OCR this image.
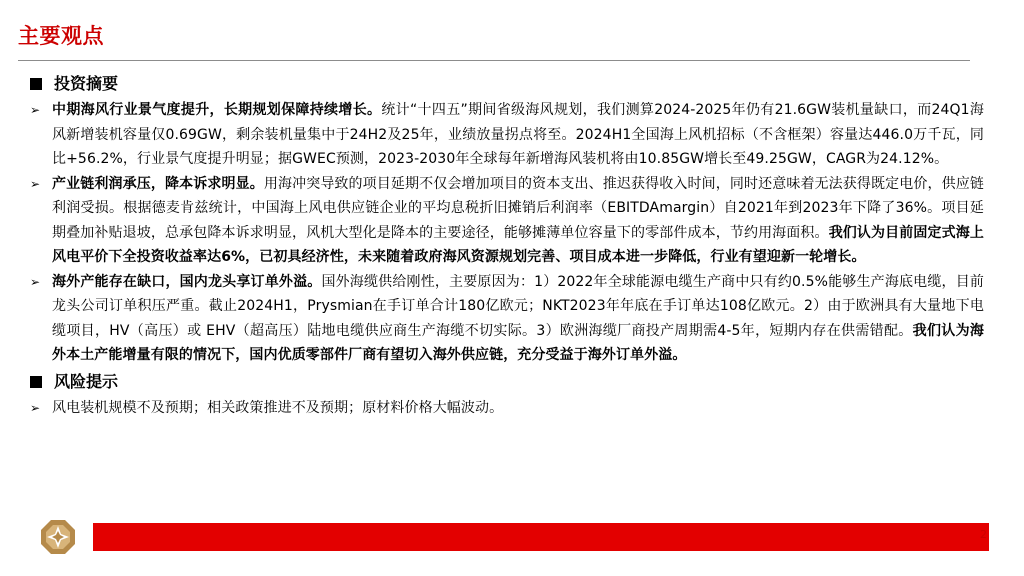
主要观点
投资摘要
➢ 中期海风行业景气度提升，长期规划保障持续增长。统计“十四五”期间省级海风规划，我们测算2024-2025年仍有21.6GW装机量缺口，而24Q1海风新增装机容量仅0.69GW，剩余装机量集中于24H2及25年，业绩放量拐点将至。2024H1全国海上风机招标（不含框架）容量达446.0万千瓦，同比+56.2%，行业景气度提升明显；据GWEC预测，2023-2030年全球每年新增海风装机将由10.85GW增长至49.25GW，CAGR为24.12%。

➢ 产业链利润承压，降本诉求明显。用海冲突导致的项目延期不仅会增加项目的资本支出、推迟获得收入时间，同时还意味着无法获得既定电价，供应链利润受损。根据德麦肯兹统计，中国海上风电供应链企业的平均息税折旧摊销后利润率（EBITDAmargin）自2021年到2023年下降了36%。项目延期叠加补贴退坡，总承包降本诉求明显，风机大型化是降本的主要途径，能够摊薄单位容量下的零部件成本，节约用海面积。我们认为目前固定式海上风电平价下全投资收益率达6%，已初具经济性，未来随着政府海风资源规划完善、项目成本进一步降低，行业有望迎新一轮增长。

➢ 海外产能存在缺口，国内龙头享订单外溢。国外海缆供给刚性，主要原因为：1）2022年全球能源电缆生产商中只有约0.5%能够生产海底电缆，目前龙头公司订单积压严重。截止2024H1，Prysmian在手订单合计180亿欧元；NKT2023年年底在手订单达108亿欧元。2）由于欧洲具有大量地下电缆项目，HV（高压）或 EHV（超高压）陆地电缆供应商生产海缆不切实际。3）欧洲海缆厂商投产周期需4-5年，短期内存在供需错配。我们认为海外本土产能增量有限的情况下，国内优质零部件厂商有望切入海外供应链，充分受益于海外订单外溢。

风险提示
➢ 风电装机规模不及预期；相关政策推进不及预期；原材料价格大幅波动。

2
